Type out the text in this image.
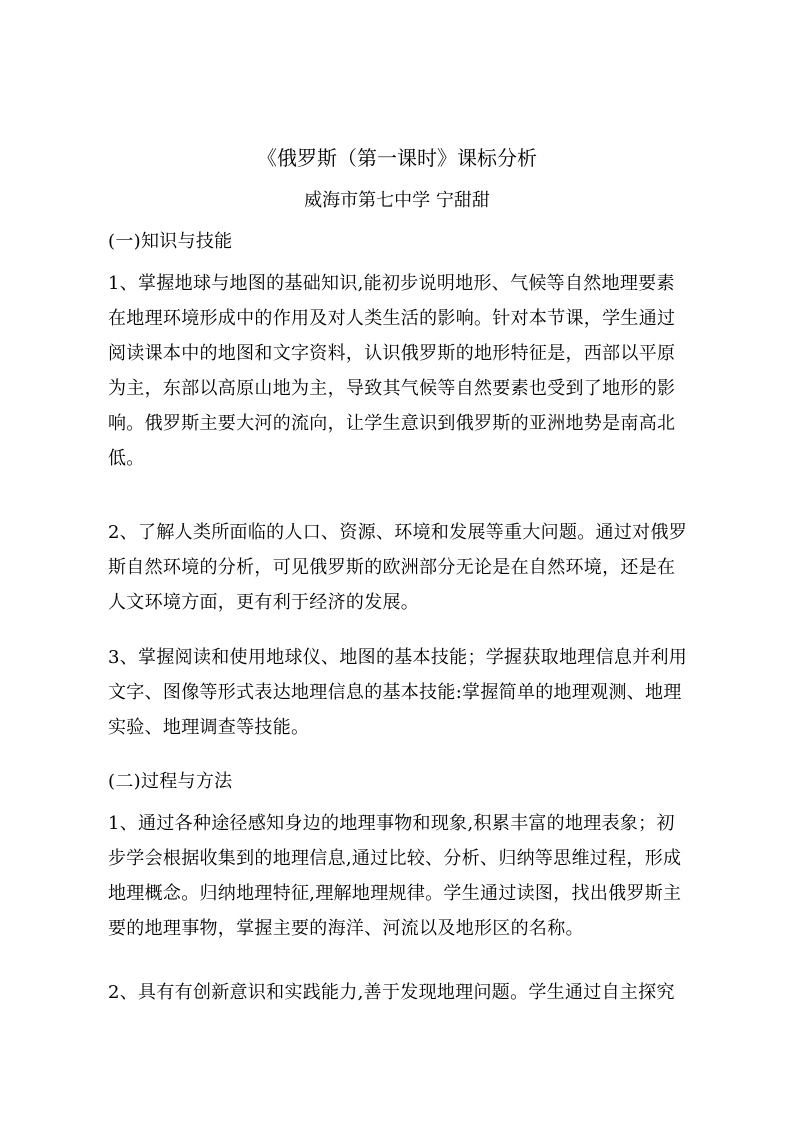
《俄罗斯（第一课时》课标分析
威海市第七中学 宁甜甜
(一)知识与技能

1、掌握地球与地图的基础知识,能初步说明地形、气候等自然地理要素在地理环境形成中的作用及对人类生活的影响。针对本节课，学生通过阅读课本中的地图和文字资料，认识俄罗斯的地形特征是，西部以平原为主，东部以高原山地为主，导致其气候等自然要素也受到了地形的影响。俄罗斯主要大河的流向，让学生意识到俄罗斯的亚洲地势是南高北低。

2、了解人类所面临的人口、资源、环境和发展等重大问题。通过对俄罗斯自然环境的分析，可见俄罗斯的欧洲部分无论是在自然环境，还是在人文环境方面，更有利于经济的发展。

3、掌握阅读和使用地球仪、地图的基本技能；学握获取地理信息并利用文字、图像等形式表达地理信息的基本技能:掌握简单的地理观测、地理实验、地理调查等技能。

(二)过程与方法

1、通过各种途径感知身边的地理事物和现象,积累丰富的地理表象；初步学会根据收集到的地理信息,通过比较、分析、归纳等思维过程，形成地理概念。归纳地理特征,理解地理规律。学生通过读图，找出俄罗斯主要的地理事物，掌握主要的海洋、河流以及地形区的名称。

2、具有有创新意识和实践能力,善于发现地理问题。学生通过自主探究
